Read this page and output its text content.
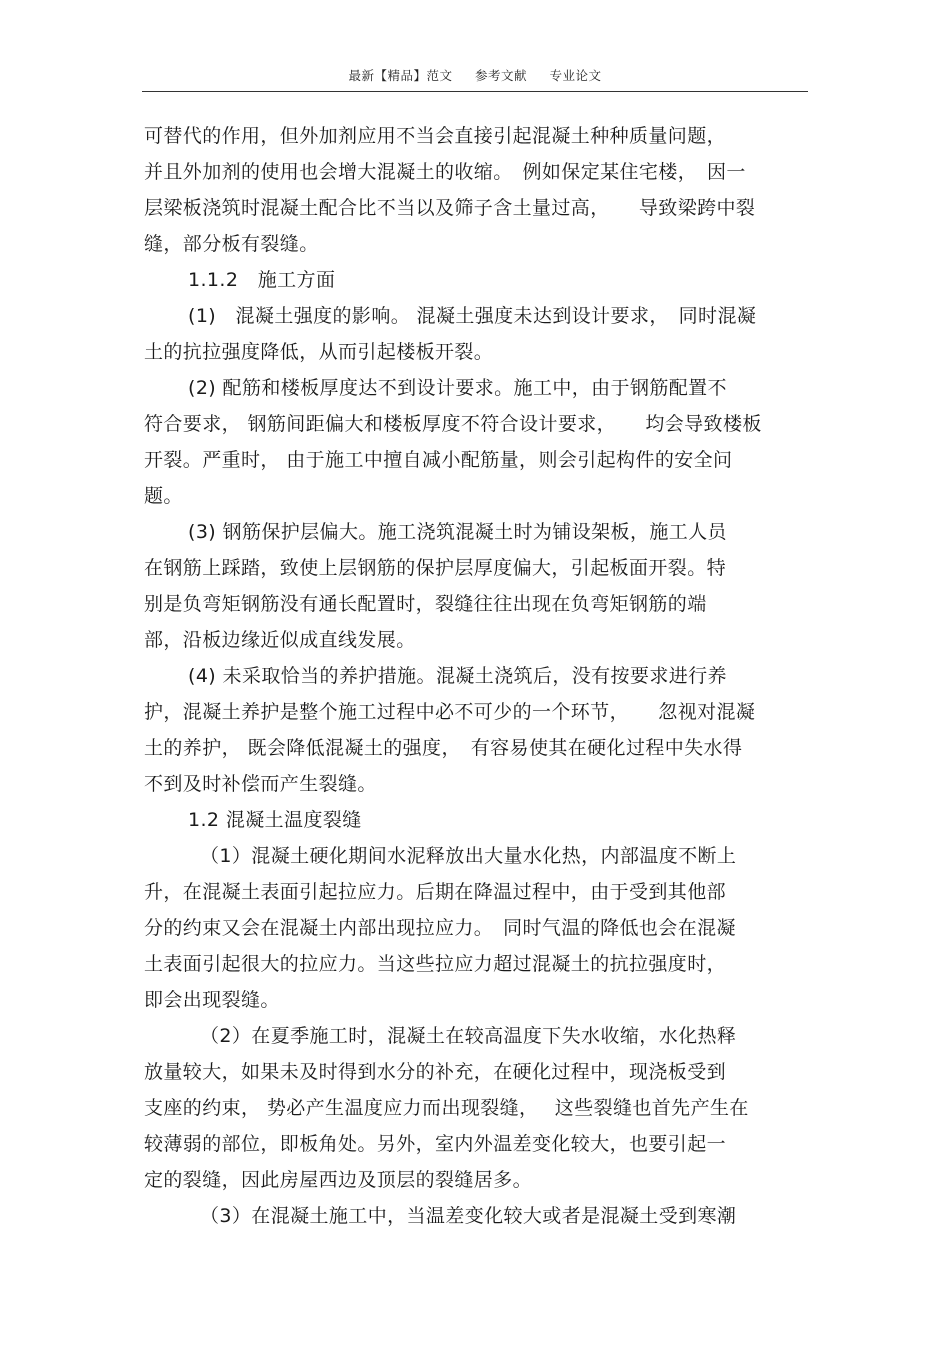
最新【精品】范文 参考文献 专业论文
可替代的作用，但外加剂应用不当会直接引起混凝土种种质量问题，
并且外加剂的使用也会增大混凝土的收缩。　例如保定某住宅楼，　因一
层梁板浇筑时混凝土配合比不当以及筛子含土量过高，　　导致梁跨中裂
缝，部分板有裂缝。
1.1.2　施工方面
(1)　混凝土强度的影响。 混凝土强度未达到设计要求，　同时混凝
土的抗拉强度降低，从而引起楼板开裂。
(2) 配筋和楼板厚度达不到设计要求。施工中，由于钢筋配置不
符合要求， 钢筋间距偏大和楼板厚度不符合设计要求，　　均会导致楼板
开裂。严重时， 由于施工中擅自减小配筋量，则会引起构件的安全问
题。
(3) 钢筋保护层偏大。施工浇筑混凝土时为铺设架板，施工人员
在钢筋上踩踏，致使上层钢筋的保护层厚度偏大，引起板面开裂。特
别是负弯矩钢筋没有通长配置时，裂缝往往出现在负弯矩钢筋的端
部，沿板边缘近似成直线发展。
(4) 未采取恰当的养护措施。混凝土浇筑后，没有按要求进行养
护，混凝土养护是整个施工过程中必不可少的一个环节，　　忽视对混凝
土的养护， 既会降低混凝土的强度，　有容易使其在硬化过程中失水得
不到及时补偿而产生裂缝。
1.2 混凝土温度裂缝
（1）混凝土硬化期间水泥释放出大量水化热，内部温度不断上
升，在混凝土表面引起拉应力。后期在降温过程中，由于受到其他部
分的约束又会在混凝土内部出现拉应力。　同时气温的降低也会在混凝
土表面引起很大的拉应力。当这些拉应力超过混凝土的抗拉强度时，
即会出现裂缝。
（2）在夏季施工时，混凝土在较高温度下失水收缩，水化热释
放量较大，如果未及时得到水分的补充，在硬化过程中，现浇板受到
支座的约束， 势必产生温度应力而出现裂缝，　 这些裂缝也首先产生在
较薄弱的部位，即板角处。另外，室内外温差变化较大，也要引起一
定的裂缝，因此房屋西边及顶层的裂缝居多。
（3）在混凝土施工中，当温差变化较大或者是混凝土受到寒潮
